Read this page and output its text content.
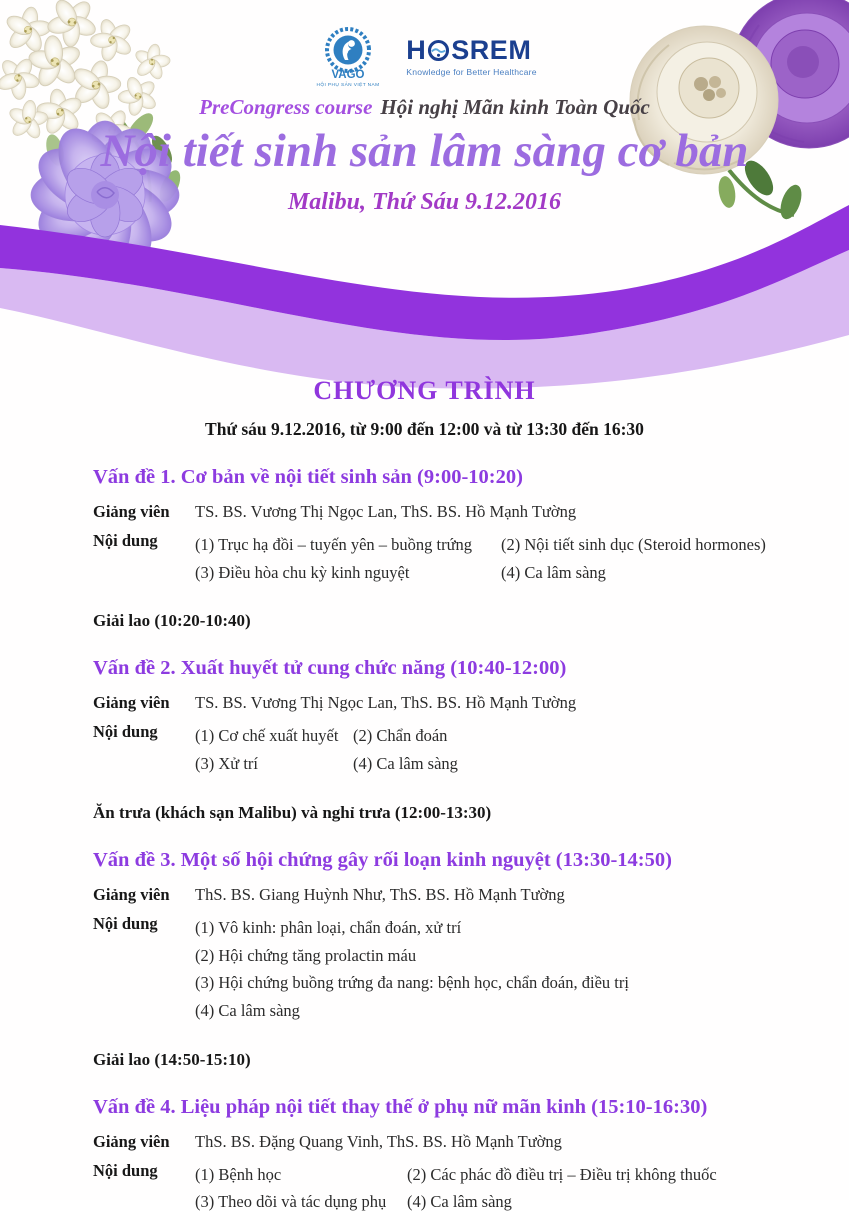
VAGO
HỘI PHỤ SẢN VIỆT NAM
H SREM
Knowledge for Better Healthcare
PreCongress course Hội nghị Mãn kinh Toàn Quốc
Nội tiết sinh sản lâm sàng cơ bản
Malibu, Thứ Sáu 9.12.2016
CHƯƠNG TRÌNH
Thứ sáu 9.12.2016, từ 9:00 đến 12:00 và từ 13:30 đến 16:30
Vấn đề 1. Cơ bản về nội tiết sinh sản (9:00-10:20)
Giảng viên	TS. BS. Vương Thị Ngọc Lan, ThS. BS. Hồ Mạnh Tường
Nội dung	(1) Trục hạ đồi – tuyến yên – buồng trứng	(2) Nội tiết sinh dục (Steroid hormones)
(3) Điều hòa chu kỳ kinh nguyệt	(4) Ca lâm sàng

Giải lao (10:20-10:40)

Vấn đề 2. Xuất huyết tử cung chức năng (10:40-12:00)
Giảng viên	TS. BS. Vương Thị Ngọc Lan, ThS. BS. Hồ Mạnh Tường
Nội dung	(1) Cơ chế xuất huyết (2) Chẩn đoán
(3) Xử trí	(4) Ca lâm sàng

Ăn trưa (khách sạn Malibu) và nghỉ trưa (12:00-13:30)

Vấn đề 3. Một số hội chứng gây rối loạn kinh nguyệt (13:30-14:50)
Giảng viên	ThS. BS. Giang Huỳnh Như, ThS. BS. Hồ Mạnh Tường
Nội dung	(1) Vô kinh: phân loại, chẩn đoán, xử trí
(2) Hội chứng tăng prolactin máu
(3) Hội chứng buồng trứng đa nang: bệnh học, chẩn đoán, điều trị
(4) Ca lâm sàng

Giải lao (14:50-15:10)

Vấn đề 4. Liệu pháp nội tiết thay thế ở phụ nữ mãn kinh (15:10-16:30)
Giảng viên	ThS. BS. Đặng Quang Vinh, ThS. BS. Hồ Mạnh Tường
Nội dung	(1) Bệnh học	(2) Các phác đồ điều trị – Điều trị không thuốc
(3) Theo dõi và tác dụng phụ	(4) Ca lâm sàng
